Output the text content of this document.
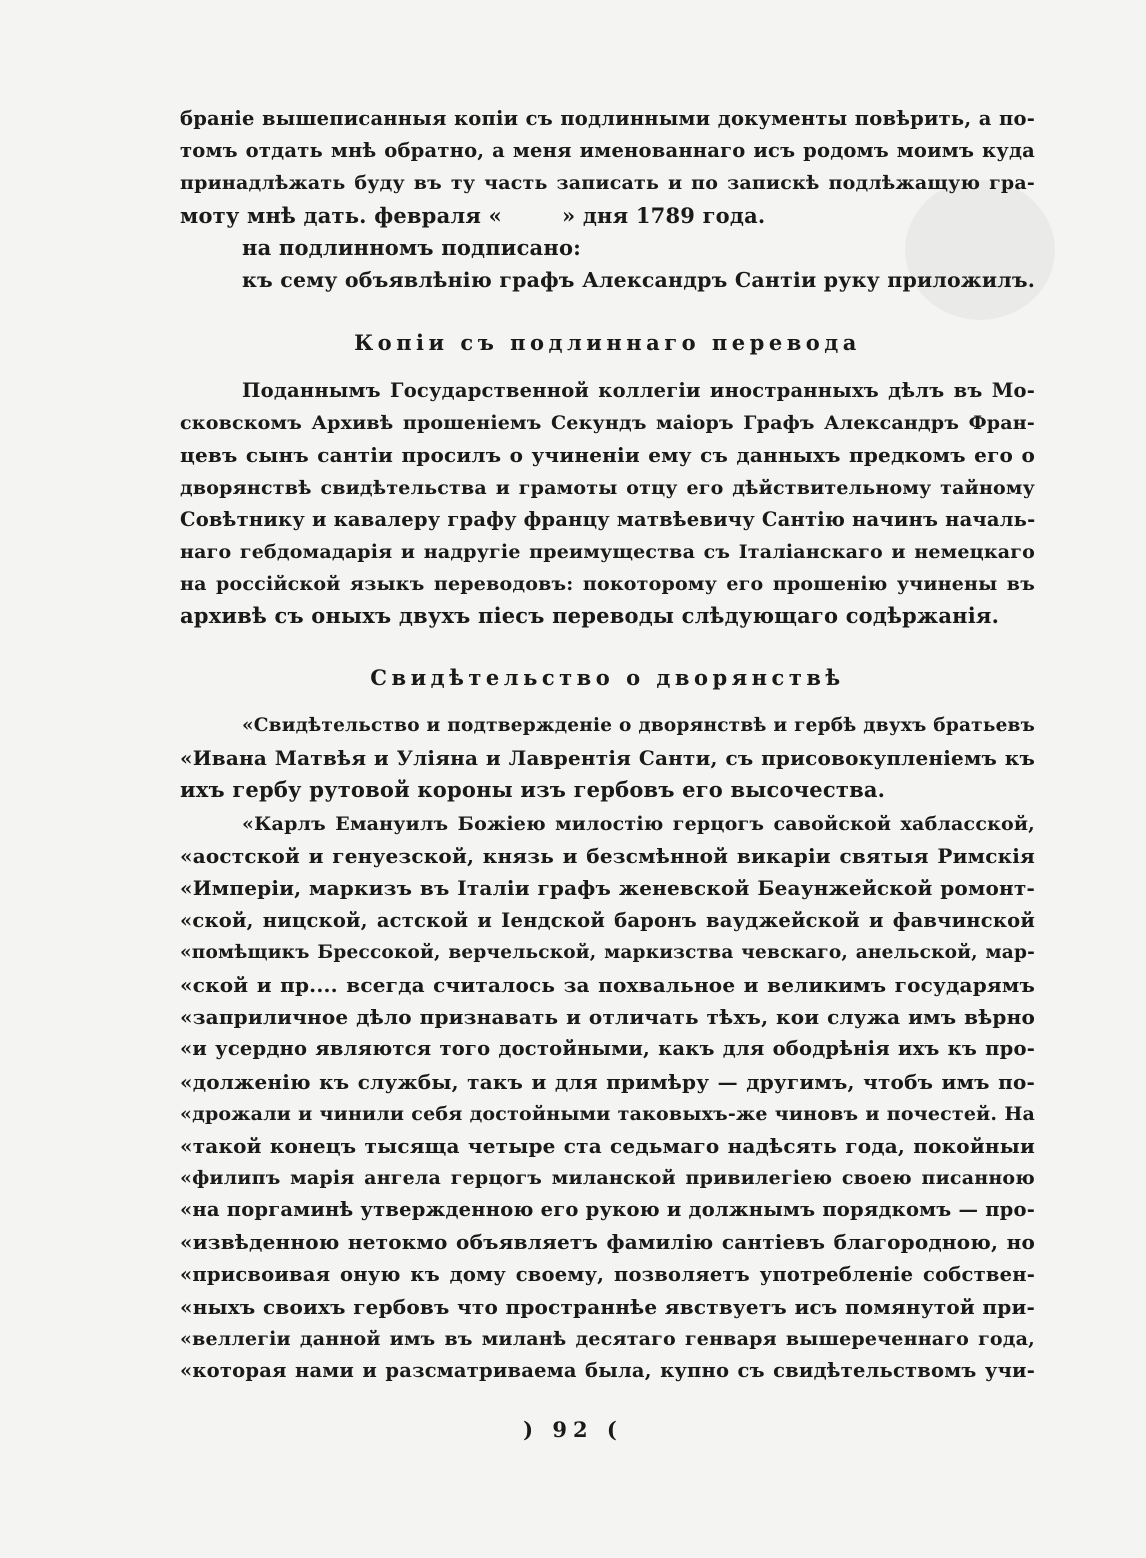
браніе вышеписанныя копіи съ подлинными документы повѣрить, а по-
томъ отдать мнѣ обратно, а меня именованнаго исъ родомъ моимъ куда
принадлѣжать буду въ ту часть записать и по запискѣ подлѣжащую гра-
моту мнѣ дать. февраля «        » дня 1789 года.
на подлинномъ подписано:
къ сему объявлѣнію графъ Александръ Сантіи руку приложилъ.
Копіи съ подлиннаго перевода
Поданнымъ Государственной коллегіи иностранныхъ дѣлъ въ Мо-
сковскомъ Архивѣ прошеніемъ Секундъ маіоръ Графъ Александръ Фран-
цевъ сынъ сантіи просилъ о учиненіи ему съ данныхъ предкомъ его о
дворянствѣ свидѣтельства и грамоты отцу его дѣйствительному тайному
Совѣтнику и кавалеру графу францу матвѣевичу Сантію начинъ началь-
наго гебдомадарія и надругіе преимущества съ Італіанскаго и немецкаго
на россійской языкъ переводовъ: покоторому его прошенію учинены въ
архивѣ съ оныхъ двухъ піесъ переводы слѣдующаго содѣржанія.
Свидѣтельство о дворянствѣ
«Свидѣтельство и подтвержденіе о дворянствѣ и гербѣ двухъ братьевъ
«Ивана Матвѣя и Уліяна и Лаврентія Санти, съ присовокупленіемъ къ
ихъ гербу рутовой короны изъ гербовъ его высочества.
«Карлъ Емануилъ Божіею милостію герцогъ савойской хабласской,
«аостской и генуезской, князь и безсмѣнной викаріи святыя Римскія
«Имперіи, маркизъ въ Італіи графъ женевской Беаунжейской ромонт-
«ской, ницской, астской и Іендской баронъ вауджейской и фавчинской
«помѣщикъ Брессокой, верчельской, маркизства чевскаго, анельской, мар-
«ской и пр.... всегда считалось за похвальное и великимъ государямъ
«заприличное дѣло признавать и отличать тѣхъ, кои служа имъ вѣрно
«и усердно являются того достойными, какъ для ободрѣнія ихъ къ про-
«долженію къ службы, такъ и для примѣру — другимъ, чтобъ имъ по-
«дрожали и чинили себя достойными таковыхъ-же чиновъ и почестей. На
«такой конецъ тысяща четыре ста седьмаго надѣсять года, покойныи
«филипъ марія ангела герцогъ миланской привилегіею своею писанною
«на поргаминѣ утвержденною его рукою и должнымъ порядкомъ — про-
«извѣденною нетокмо объявляетъ фамилію сантіевъ благородною, но
«присвоивая оную къ дому своему, позволяетъ употребленіе собствен-
«ныхъ своихъ гербовъ что пространнѣе явствуетъ исъ помянутой при-
«веллегіи данной имъ въ миланѣ десятаго генваря вышереченнаго года,
«которая нами и разсматриваема была, купно съ свидѣтельствомъ учи-
) 92 (
